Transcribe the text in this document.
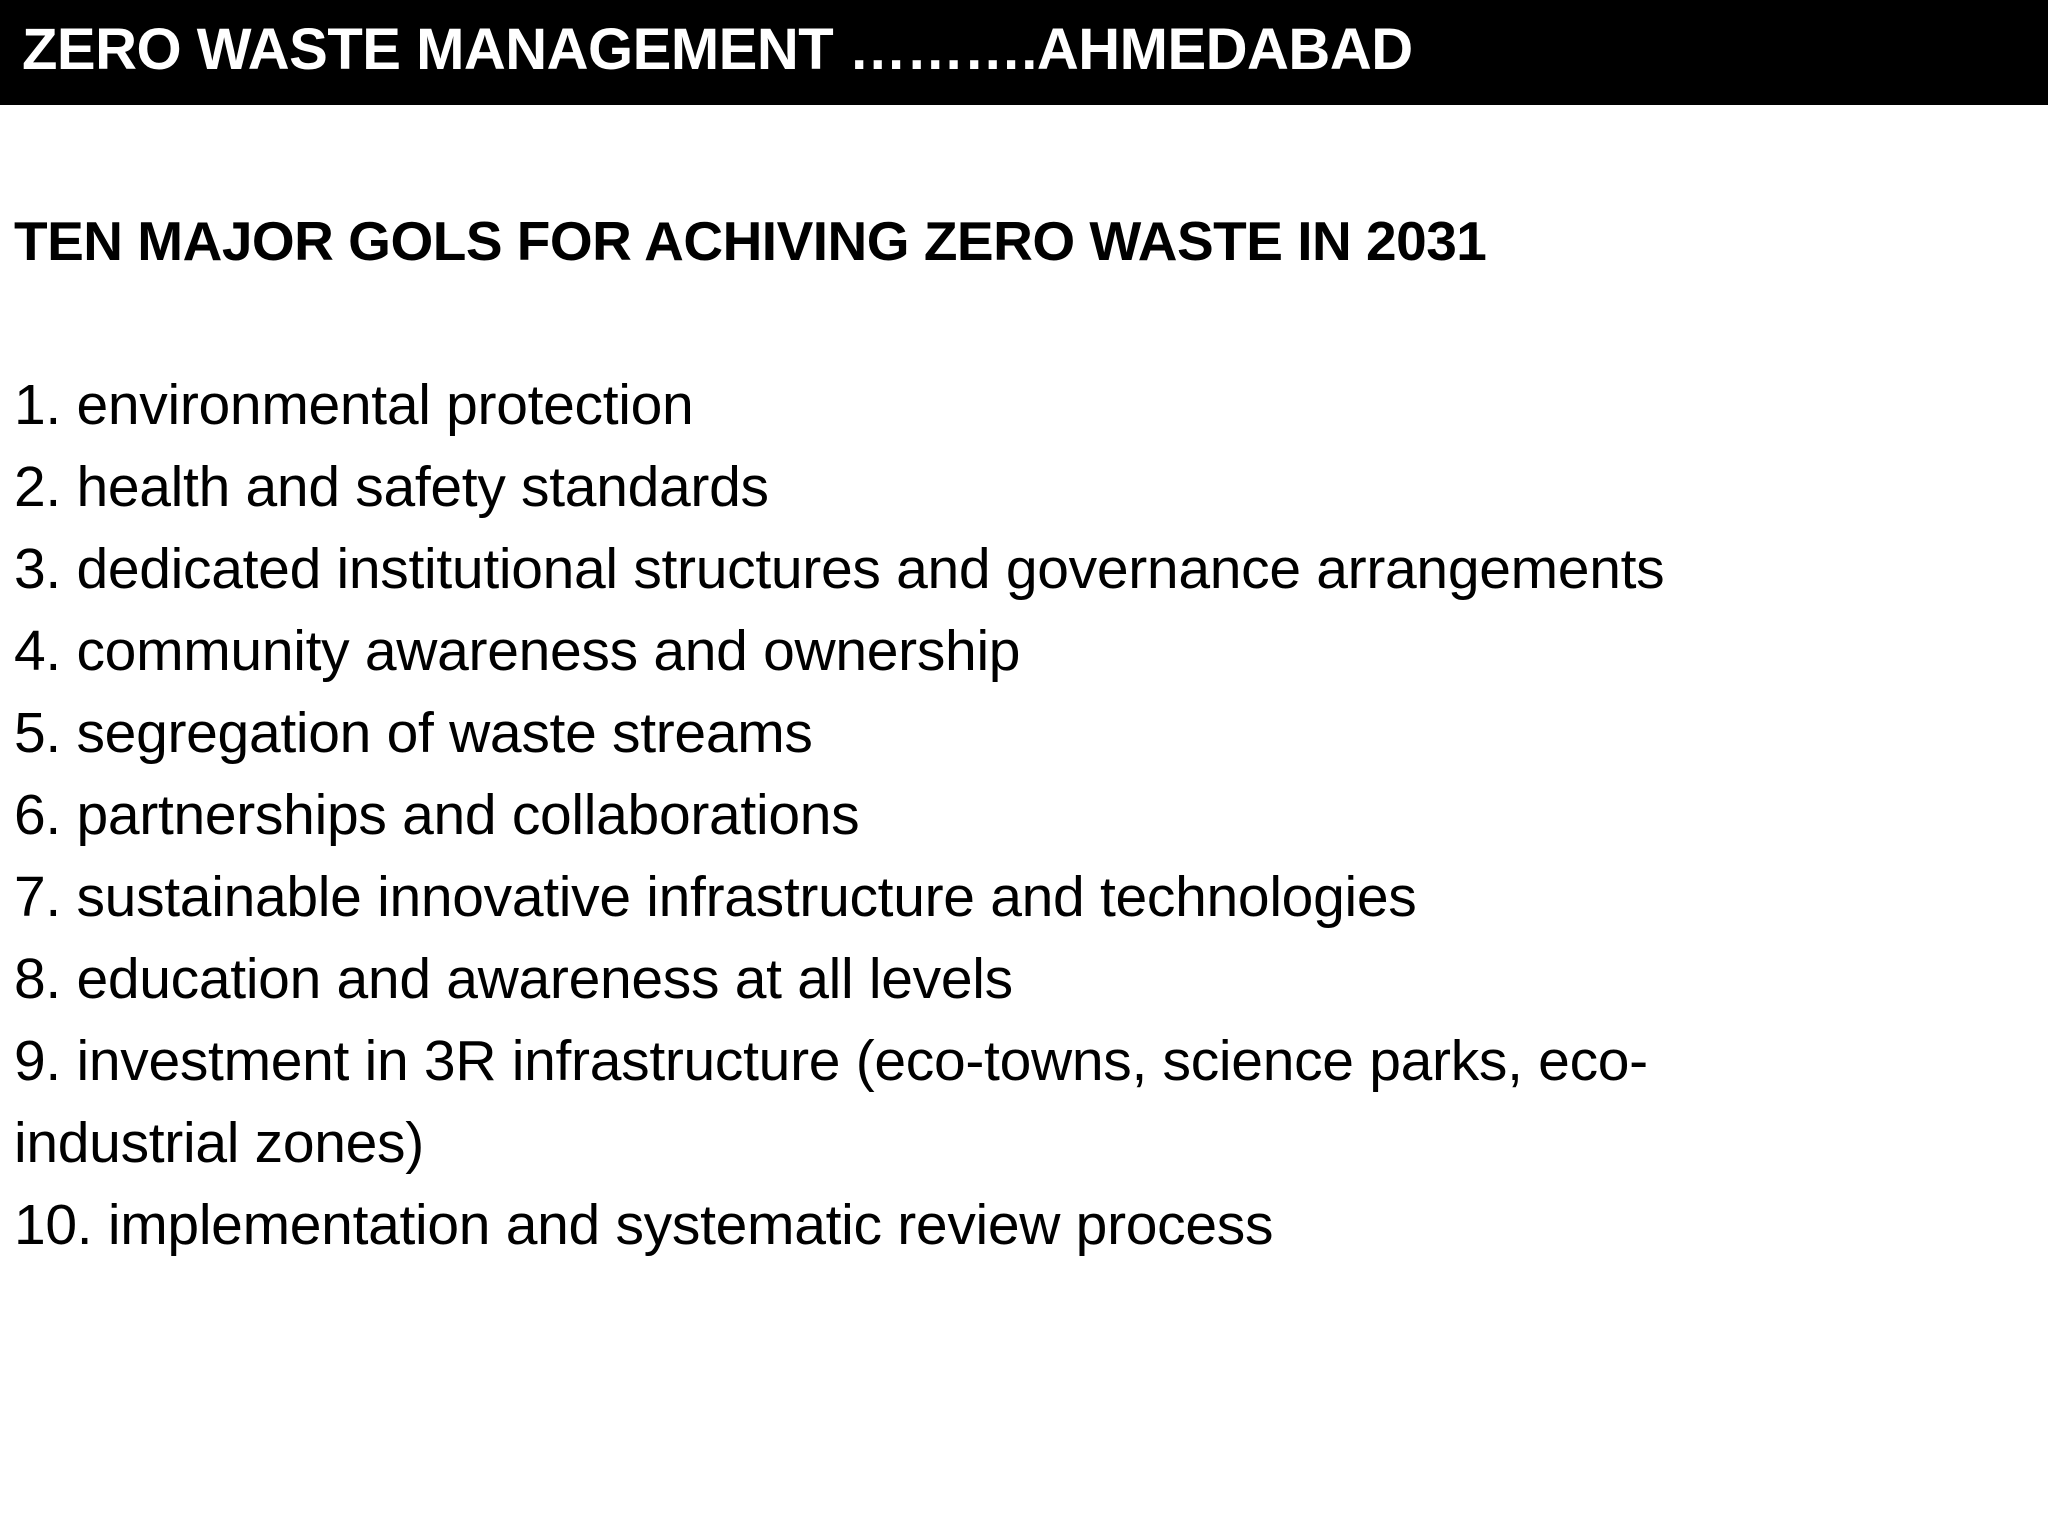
ZERO WASTE MANAGEMENT ……….AHMEDABAD
TEN MAJOR GOLS FOR ACHIVING ZERO WASTE IN 2031
1. environmental protection
2. health and safety standards
3. dedicated institutional structures and governance arrangements
4. community awareness and ownership
5. segregation of waste streams
6. partnerships and collaborations
7. sustainable innovative infrastructure and technologies
8. education and awareness at all levels
9. investment in 3R infrastructure (eco-towns, science parks, eco-industrial zones)
10. implementation and systematic review process
